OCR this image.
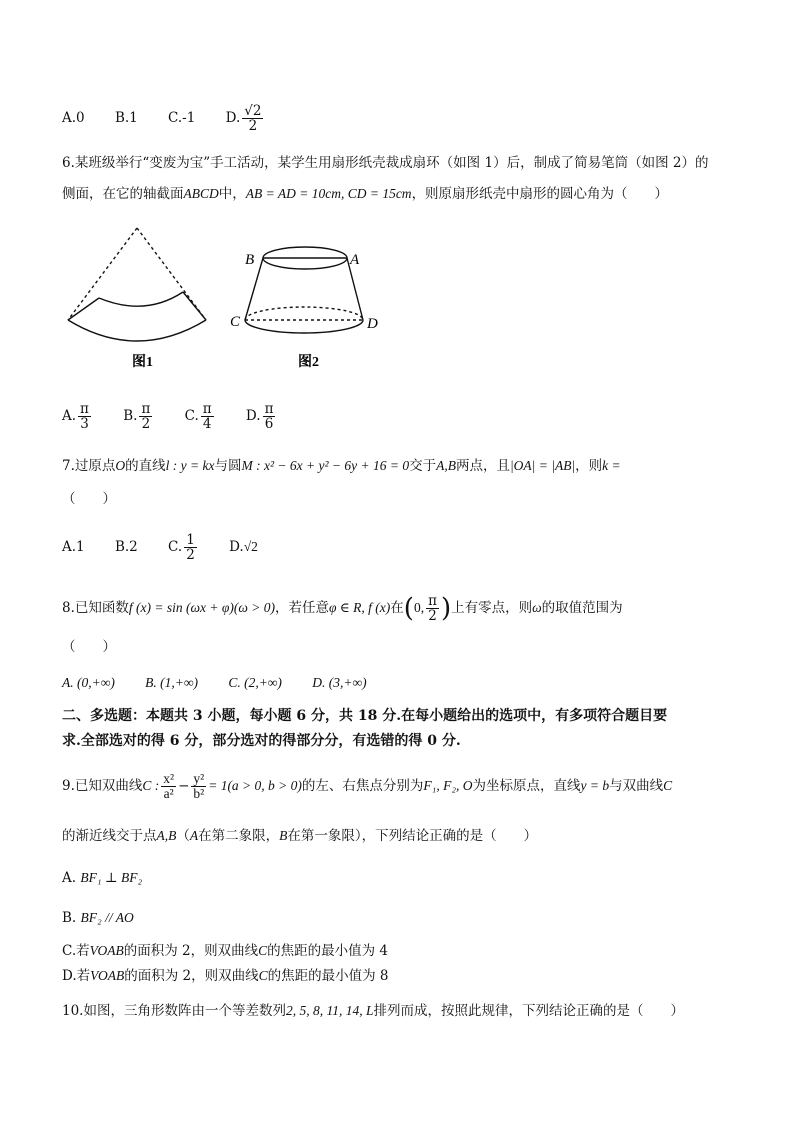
A.0 B.1 C.-1 D. $\frac{√2}{2}$
6.某班级举行“变废为宝”手工活动，某学生用扇形纸壳裁成扇环（如图 1）后，制成了简易笔筒（如图 2）的
侧面，在它的轴截面ABCD中，AB = AD = 10cm, CD = 15cm，则原扇形纸壳中扇形的圆心角为（　　）
图1
B	A
C	D
图2
A. $\frac{\pi}{3} B$. $\frac{\pi}{2} C$. $\frac{\pi}{4} D$. $\frac{\pi}{6}$
7.过原点O的直线l : y = kx与圆M : x² − 6x + y² − 6y + 16 = 0交于A,B两点，且|OA| = |AB|，则k =
（　　）
A.1 B.2 C. $\frac{1}{2} D.√2$
8.已知函数f (x) = sin (ωx + φ)(ω > 0)，若任意φ ∈ R, f (x)在(0, $\frac{\pi}{2}$ )上有零点，则ω的取值范围为
（　　）
A. (0,+∞) B. (1,+∞) C. (2,+∞) D. (3,+∞)
二、多选题：本题共 3 小题，每小题 6 分，共 18 分.在每小题给出的选项中，有多项符合题目要
求.全部选对的得 6 分，部分选对的得部分分，有选错的得 0 分.
9.已知双曲线C : $\frac{\text{x²}}{\text{a²}} - \frac{\text{y²}}{\text{b²}} = 1(a > 0$, b > 0)的左、右焦点分别为F₁, F₂, O为坐标原点，直线y = b与双曲线C
的渐近线交于点A,B（A在第二象限，B在第一象限），下列结论正确的是（　　）
A. BF₁ ⊥ BF₂
B. BF₂ // AO
C.若VOAB的面积为 2，则双曲线C的焦距的最小值为 4
D.若VOAB的面积为 2，则双曲线C的焦距的最小值为 8
10.如图，三角形数阵由一个等差数列2, 5, 8, 11, 14, L排列而成，按照此规律，下列结论正确的是（　　）
